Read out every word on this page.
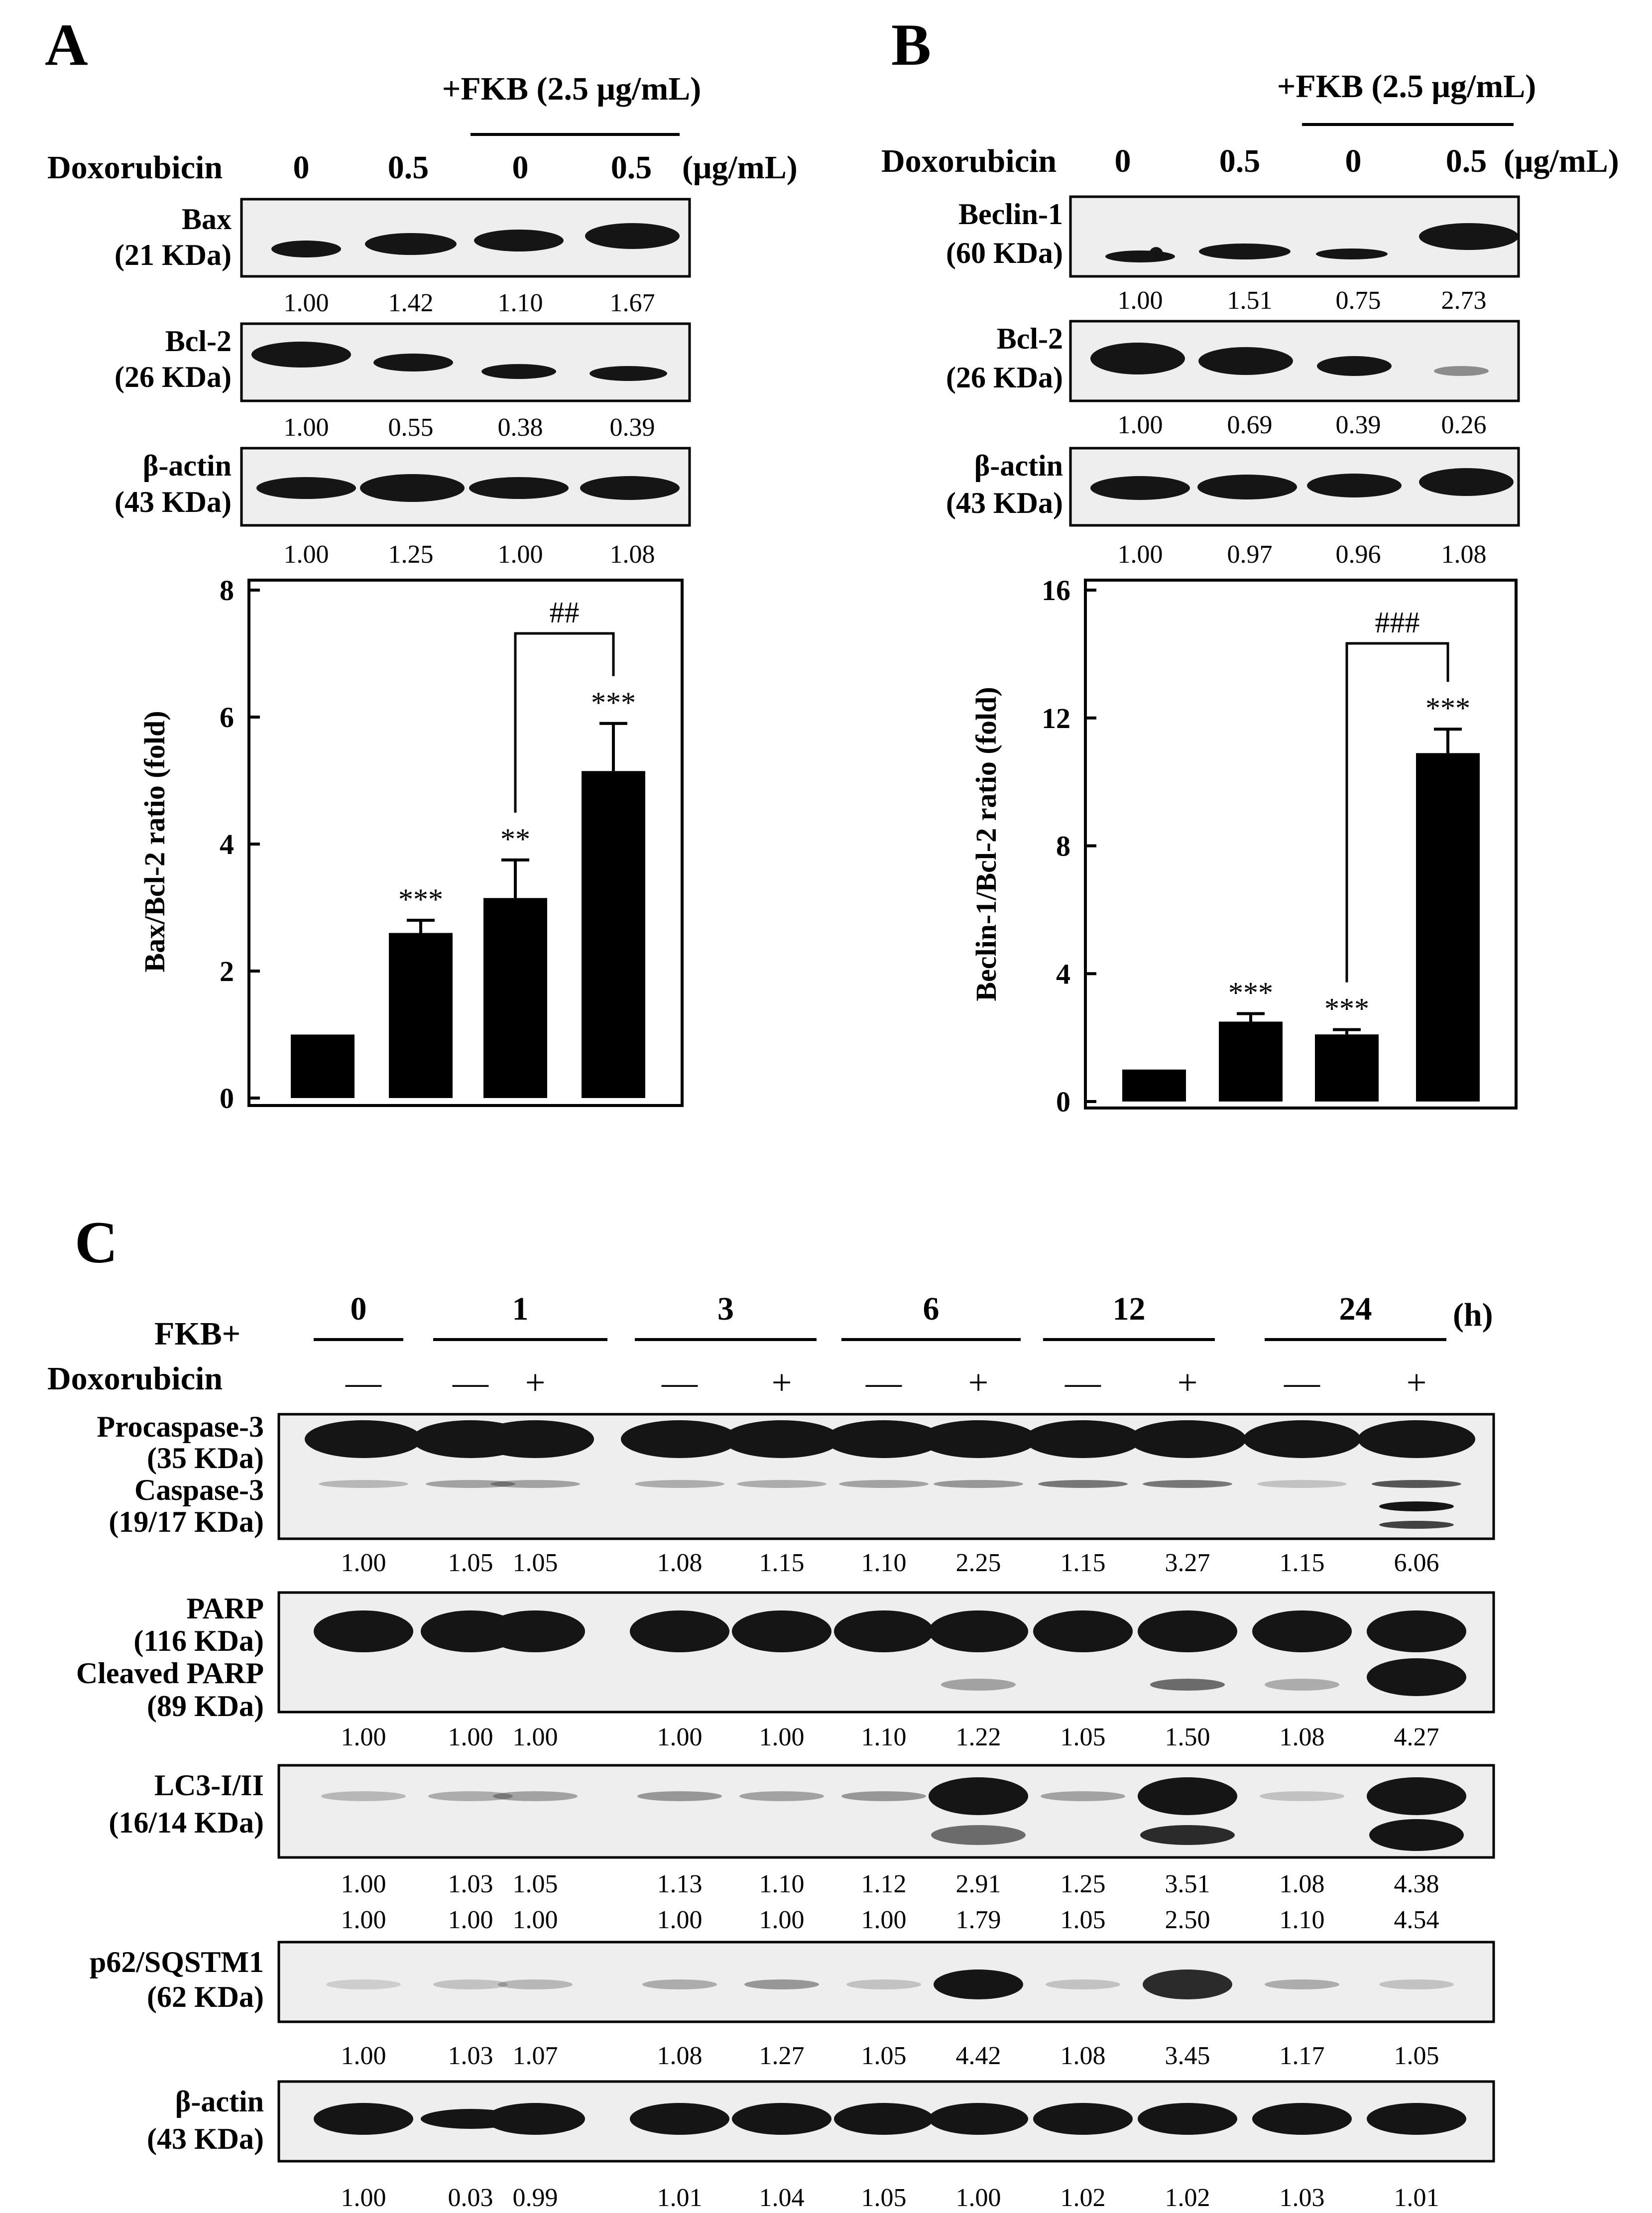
A
+FKB (2.5 μg/mL)
Doxorubicin 0 0.5	0	0.5 (μg/mL)
Bax
(21 KDa)
1.00 1.42 1.10	1.67
Bcl-2
(26 KDa)
1.00 0.55 0.38	0.39
β-actin
(43 KDa)
1.00 1.25 1.00	1.08
Bax/Bcl-2 ratio (fold)
0
2
4
6
8
***
**
***
##
B
+FKB (2.5 μg/mL)
Doxorubicin 0	0.5	0	0.5 (μg/mL)
Beclin-1
(60 KDa)
1.00 1.51 0.75 2.73
Bcl-2
(26 KDa)
1.00 0.69 0.39 0.26
β-actin
(43 KDa)
1.00 0.97 0.96 1.08
Beclin-1/Bcl-2 ratio (fold)
0
4
8
12
16
*** ***
***
###
C
FKB+
(h)
Doxorubicin
0	1	3	6	12	24
— — +	— + — + — + — +
Procaspase-3
(35 KDa)
Caspase-3
(19/17 KDa)
1.00 1.05 1.05	1.08 1.15 1.10 2.25 1.15 3.27	1.15	6.06
PARP
(116 KDa)
Cleaved PARP
(89 KDa)
1.00 1.00 1.00	1.00 1.00 1.10 1.22 1.05 1.50	1.08	4.27
LC3-I/II
(16/14 KDa)
1.00 1.03 1.05	1.13 1.10 1.12 2.91 1.25 3.51	1.08	4.38
1.00 1.00 1.00	1.00 1.00 1.00 1.79 1.05 2.50	1.10	4.54
p62/SQSTM1
(62 KDa)
1.00 1.03 1.07	1.08 1.27 1.05 4.42 1.08 3.45	1.17	1.05
β-actin
(43 KDa)
1.00 0.03 0.99	1.01 1.04 1.05 1.00 1.02 1.02	1.03	1.01
